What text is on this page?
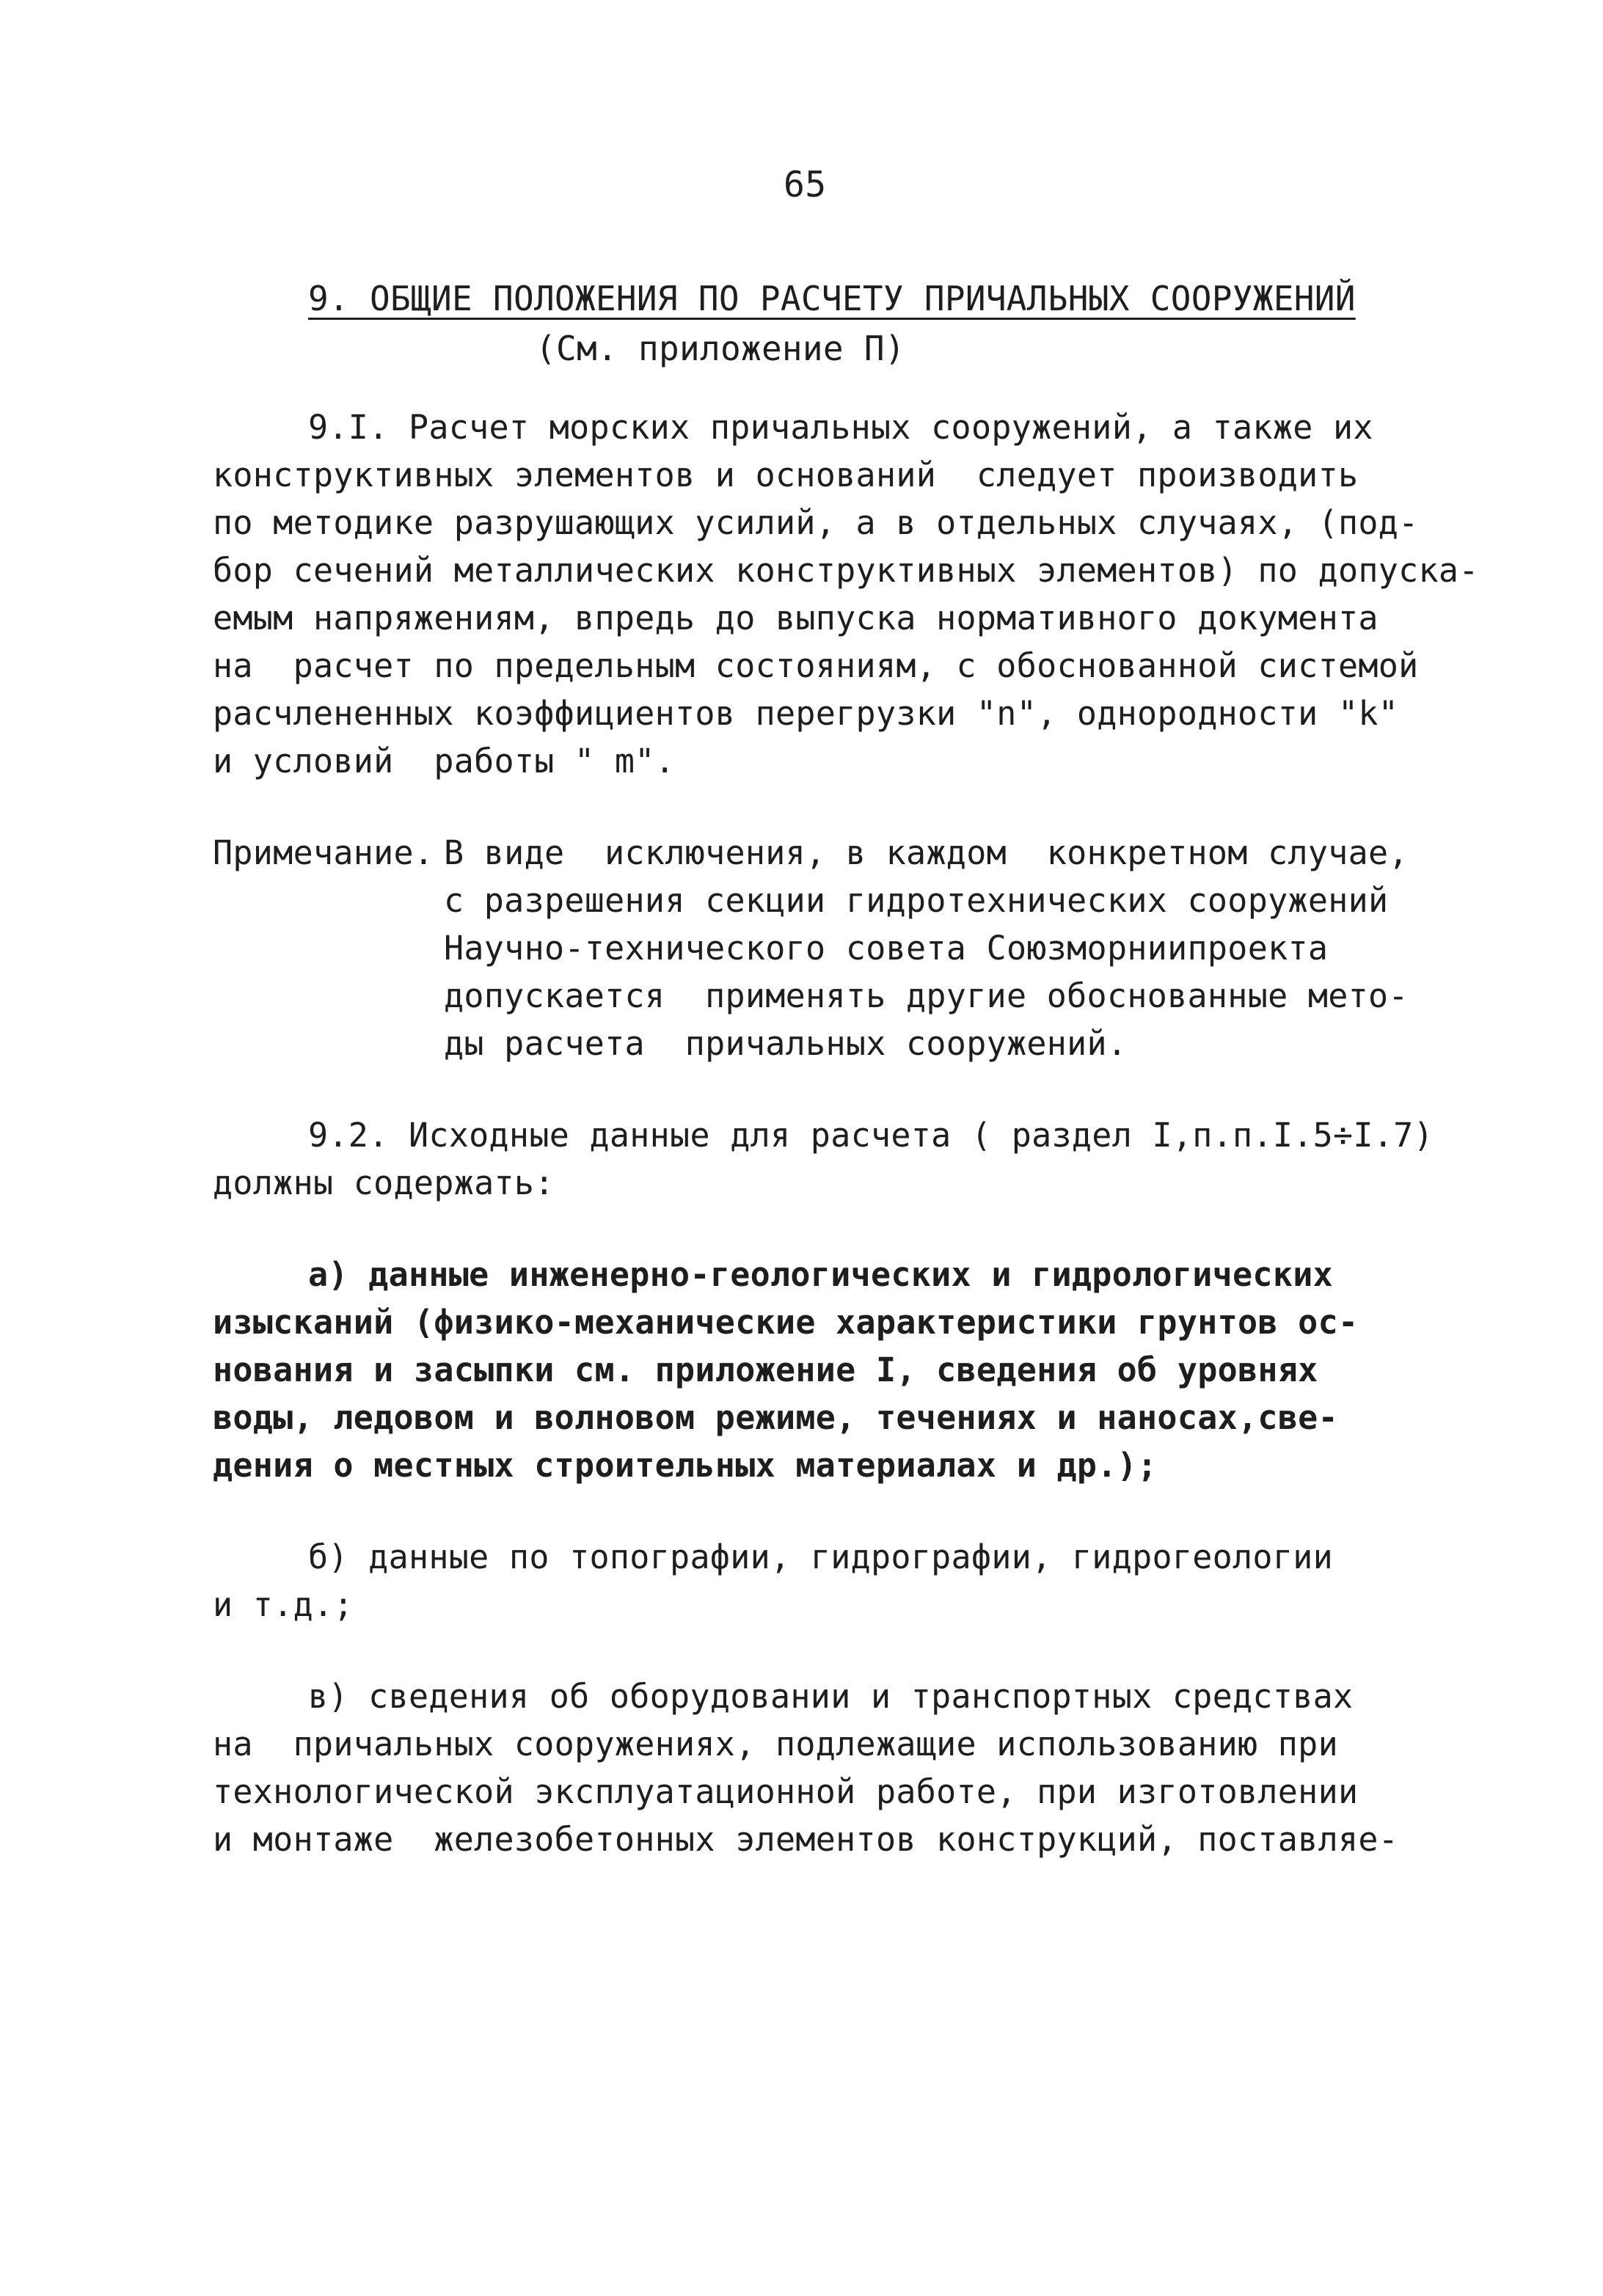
65
9. ОБЩИЕ ПОЛОЖЕНИЯ ПО РАСЧЕТУ ПРИЧАЛЬНЫХ СООРУЖЕНИЙ
(См. приложение П)
9.I. Расчет морских причальных сооружений, а также их
конструктивных элементов и оснований  следует производить
по методике разрушающих усилий, а в отдельных случаях, (под-
бор сечений металлических конструктивных элементов) по допуска-
емым напряжениям, впредь до выпуска нормативного документа
на  расчет по предельным состояниям, с обоснованной системой
расчлененных коэффициентов перегрузки "n", однородности "k"
и условий  работы " m".
Примечание. В виде  исключения, в каждом  конкретном случае,
с разрешения секции гидротехнических сооружений
Научно-технического совета Союзморниипроекта
допускается  применять другие обоснованные мето-
ды расчета  причальных сооружений.
9.2. Исходные данные для расчета ( раздел I,п.п.I.5÷I.7)
должны содержать:
а) данные инженерно-геологических и гидрологических
изысканий (физико-механические характеристики грунтов ос-
нования и засыпки см. приложение I, сведения об уровнях
воды, ледовом и волновом режиме, течениях и наносах,све-
дения о местных строительных материалах и др.);
б) данные по топографии, гидрографии, гидрогеологии
и т.д.;
в) сведения об оборудовании и транспортных средствах
на  причальных сооружениях, подлежащие использованию при
технологической эксплуатационной работе, при изготовлении
и монтаже  железобетонных элементов конструкций, поставляе-
